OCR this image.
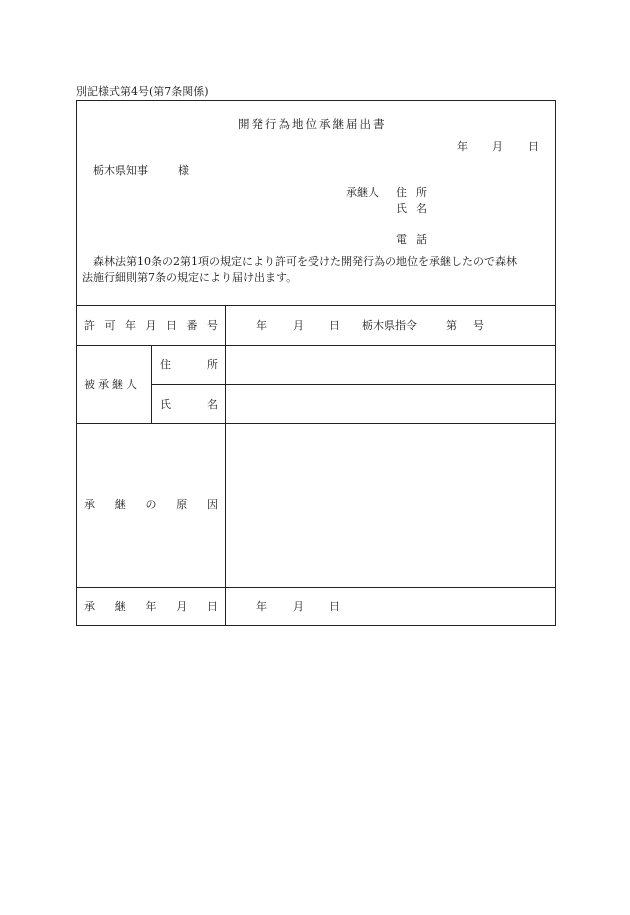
別記様式第4号(第7条関係)
開発行為地位承継届出書
年 月 日
栃木県知事	様
承継人 住 所
氏 名
電 話
森林法第10条の2第1項の規定により許可を受けた開発行為の地位を承継したので森林
法施行細則第7条の規定により届け出ます。
許 可 年 月 日 番 号	年 月 日 栃木県指令	第 号
被承継人
住	所
氏	名
承 継 の 原 因
承 継 年 月 日	年 月 日
